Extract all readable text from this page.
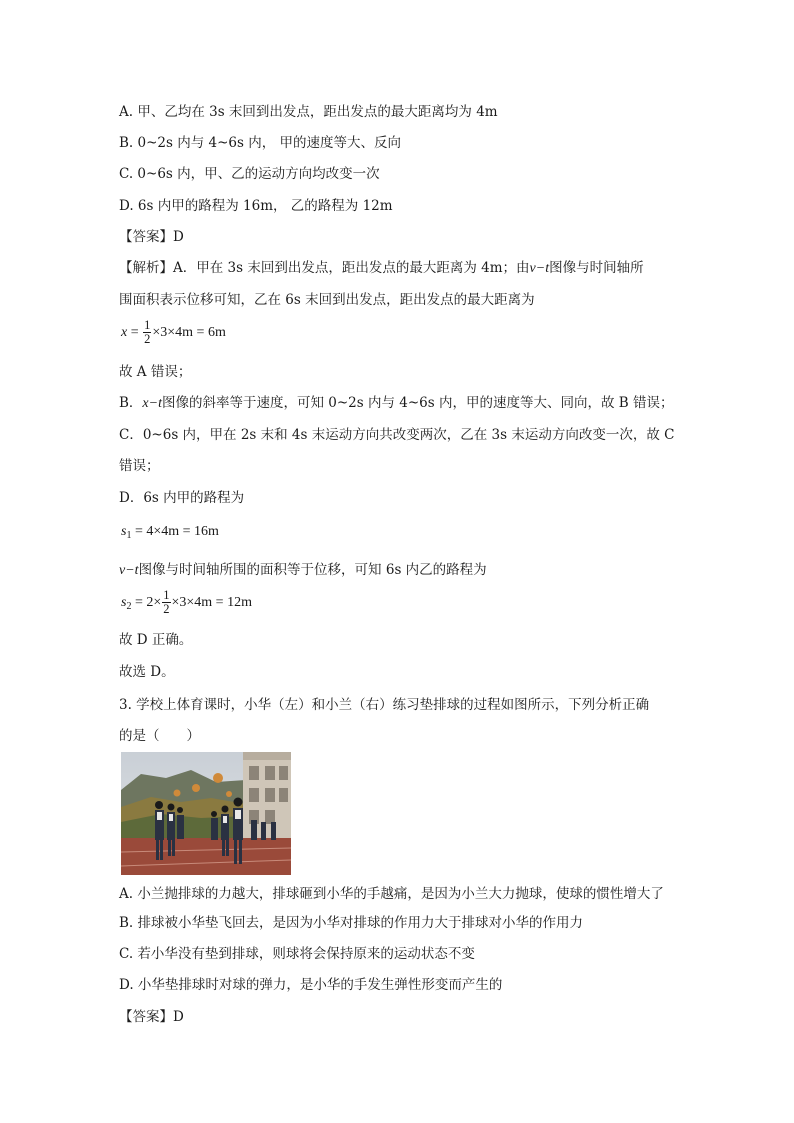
A. 甲、乙均在 3s 末回到出发点，距出发点的最大距离均为 4m
B. 0~2s 内与 4~6s 内， 甲的速度等大、反向
C. 0~6s 内，甲、乙的运动方向均改变一次
D. 6s 内甲的路程为 16m， 乙的路程为 12m
【答案】D
【解析】A．甲在 3s 末回到出发点，距出发点的最大距离为 4m；由v−t图像与时间轴所
围面积表示位移可知，乙在 6s 末回到出发点，距出发点的最大距离为
$x = \frac{1}{2} \times 3\times 4m = 6m$
故 A 错误；
B．x−t图像的斜率等于速度，可知 0~2s 内与 4~6s 内，甲的速度等大、同向，故 B 错误；
C．0~6s 内，甲在 2s 末和 4s 末运动方向共改变两次，乙在 3s 末运动方向改变一次，故 C
错误；
D．6s 内甲的路程为
$s_1 = 4\times 4m = 16m$
v−t图像与时间轴所围的面积等于位移，可知 6s 内乙的路程为
$s_2 = 2\times \frac{1}{2} \times 3\times 4m = 12m$
故 D 正确。
故选 D。
3. 学校上体育课时，小华（左）和小兰（右）练习垫排球的过程如图所示，下列分析正确
的是（　　）
A. 小兰抛排球的力越大，排球砸到小华的手越痛，是因为小兰大力抛球，使球的惯性增大了
B. 排球被小华垫飞回去，是因为小华对排球的作用力大于排球对小华的作用力
C. 若小华没有垫到排球，则球将会保持原来的运动状态不变
D. 小华垫排球时对球的弹力，是小华的手发生弹性形变而产生的
【答案】D
